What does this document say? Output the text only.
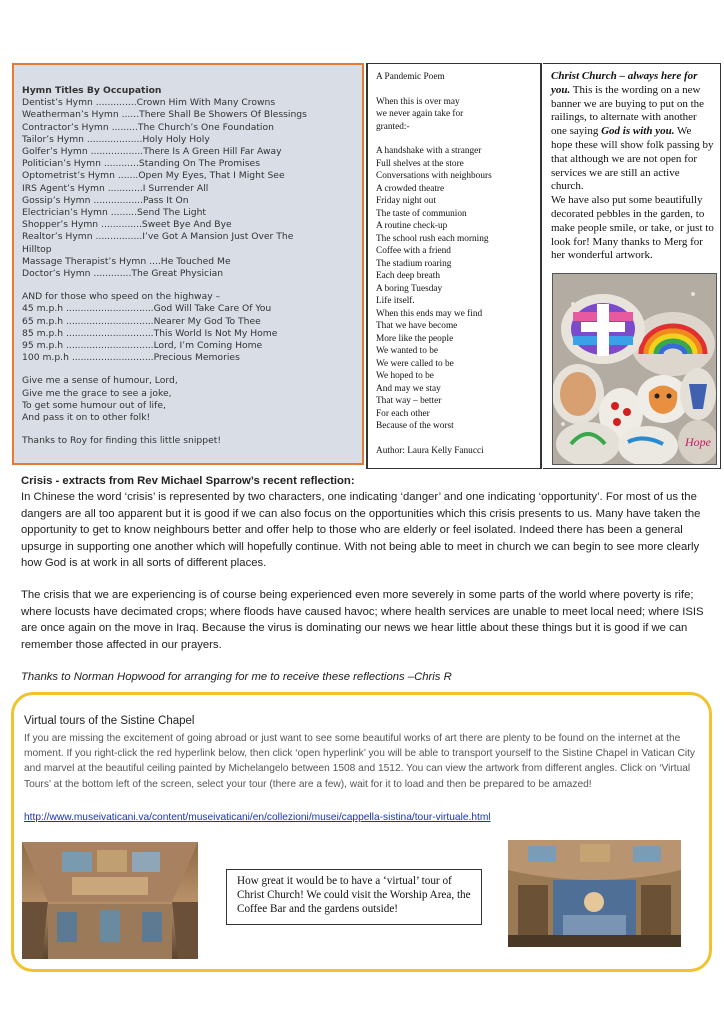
Hymn Titles By Occupation
Dentist’s Hymn ..............Crown Him With Many Crowns
Weatherman’s Hymn ......There Shall Be Showers Of Blessings
Contractor’s Hymn .........The Church’s One Foundation
Tailor’s Hymn ...................Holy Holy Holy
Golfer’s Hymn ..................There Is A Green Hill Far Away
Politician’s Hymn ............Standing On The Promises
Optometrist’s Hymn .......Open My Eyes, That I Might See
IRS Agent’s Hymn ............I Surrender All
Gossip’s Hymn .................Pass It On
Electrician’s Hymn .........Send The Light
Shopper’s Hymn ..............Sweet Bye And Bye
Realtor’s Hymn ................I’ve Got A Mansion Just Over The
Hilltop
Massage Therapist’s Hymn ....He Touched Me
Doctor’s Hymn .............The Great Physician
AND for those who speed on the highway –
45 m.p.h ..............................God Will Take Care Of You
65 m.p.h ..............................Nearer My God To Thee
85 m.p.h ..............................This World Is Not My Home
95 m.p.h ..............................Lord, I’m Coming Home
100 m.p.h ............................Precious Memories
Give me a sense of humour, Lord,
Give me the grace to see a joke,
To get some humour out of life,
And pass it on to other folk!
Thanks to Roy for finding this little snippet!
A Pandemic Poem
When this is over may
we never again take for
granted:-
A handshake with a stranger
Full shelves at the store
Conversations with neighbours
A crowded theatre
Friday night out
The taste of communion
A routine check-up
The school rush each morning
Coffee with a friend
The stadium roaring
Each deep breath
A boring Tuesday
Life itself.
When this ends may we find
That we have become
More like the people
We wanted to be
We were called to be
We hoped to be
And may we stay
That way – better
For each other
Because of the worst
Author: Laura Kelly Fanucci
Christ Church – always here for you. This is the wording on a new banner we are buying to put on the railings, to alternate with another one saying God is with you. We hope these will show folk passing by that although we are not open for services we are still an active church.
We have also put some beautifully decorated pebbles in the garden, to make people smile, or take, or just to look for! Many thanks to Merg for her wonderful artwork.
Hope
Crisis - extracts from Rev Michael Sparrow’s recent reflection:

In Chinese the word ‘crisis’ is represented by two characters, one indicating ‘danger’ and one indicating ‘opportunity’. For most of us the dangers are all too apparent but it is good if we can also focus on the opportunities which this crisis presents to us. Many have taken the opportunity to get to know neighbours better and offer help to those who are elderly or feel isolated. Indeed there has been a general upsurge in supporting one another which will hopefully continue. With not being able to meet in church we can begin to see more clearly how God is at work in all sorts of different places.

The crisis that we are experiencing is of course being experienced even more severely in some parts of the world where poverty is rife; where locusts have decimated crops; where floods have caused havoc; where health services are unable to meet local need; where ISIS are once again on the move in Iraq. Because the virus is dominating our news we hear little about these things but it is good if we can remember those affected in our prayers.

Thanks to Norman Hopwood for arranging for me to receive these reflections –Chris R

Virtual tours of the Sistine Chapel
If you are missing the excitement of going abroad or just want to see some beautiful works of art there are plenty to be found on the internet at the moment. If you right-click the red hyperlink below, then click ‘open hyperlink’ you will be able to transport yourself to the Sistine Chapel in Vatican City and marvel at the beautiful ceiling painted by Michelangelo between 1508 and 1512. You can view the artwork from different angles. Click on ‘Virtual Tours’ at the bottom left of the screen, select your tour (there are a few), wait for it to load and then be prepared to be amazed!
http://www.museivaticani.va/content/museivaticani/en/collezioni/musei/cappella-sistina/tour-virtuale.html
How great it would be to have a ‘virtual’ tour of Christ Church! We could visit the Worship Area, the Coffee Bar and the gardens outside!
